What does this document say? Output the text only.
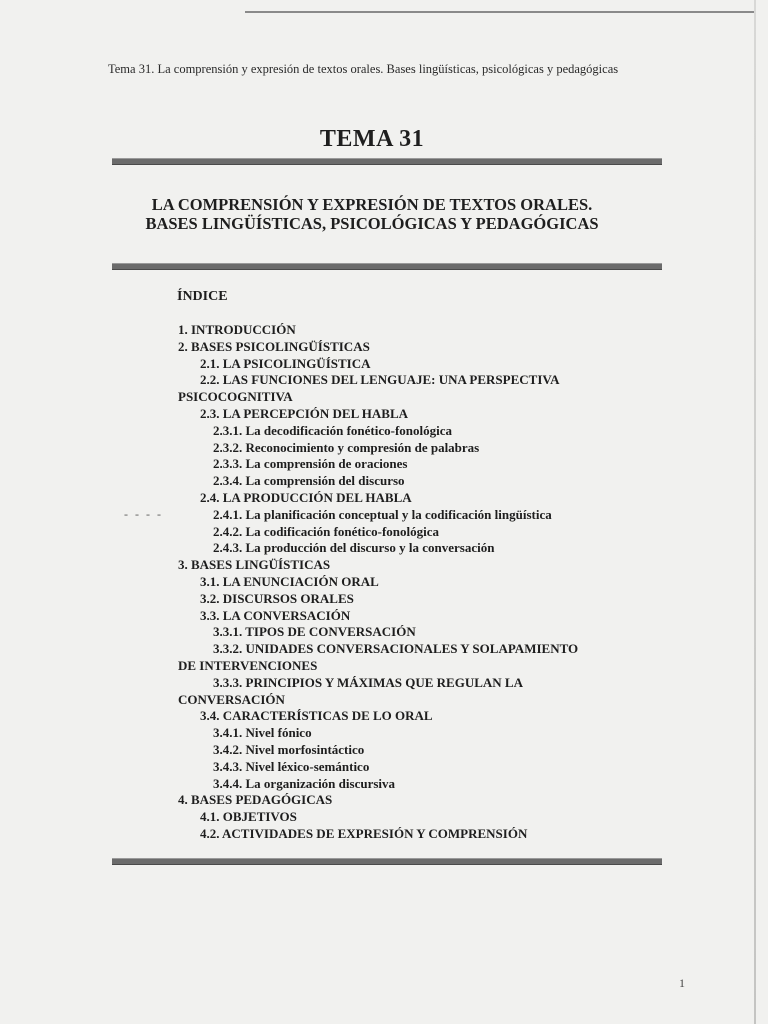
Tema 31. La comprensión y expresión de textos orales. Bases lingüísticas, psicológicas y pedagógicas
TEMA 31
LA COMPRENSIÓN Y EXPRESIÓN DE TEXTOS ORALES.
BASES LINGÜÍSTICAS, PSICOLÓGICAS Y PEDAGÓGICAS
ÍNDICE
- - - -
1. INTRODUCCIÓN
2. BASES PSICOLINGÜÍSTICAS
2.1. LA PSICOLINGÜÍSTICA
2.2. LAS FUNCIONES DEL LENGUAJE: UNA PERSPECTIVA
PSICOCOGNITIVA
2.3. LA PERCEPCIÓN DEL HABLA
2.3.1. La decodificación fonético-fonológica
2.3.2. Reconocimiento y compresión de palabras
2.3.3. La comprensión de oraciones
2.3.4. La comprensión del discurso
2.4. LA PRODUCCIÓN DEL HABLA
2.4.1. La planificación conceptual y la codificación lingüística
2.4.2. La codificación fonético-fonológica
2.4.3. La producción del discurso y la conversación
3. BASES LINGÜÍSTICAS
3.1. LA ENUNCIACIÓN ORAL
3.2. DISCURSOS ORALES
3.3. LA CONVERSACIÓN
3.3.1. TIPOS DE CONVERSACIÓN
3.3.2. UNIDADES CONVERSACIONALES Y SOLAPAMIENTO
DE INTERVENCIONES
3.3.3. PRINCIPIOS Y MÁXIMAS QUE REGULAN LA
CONVERSACIÓN
3.4. CARACTERÍSTICAS DE LO ORAL
3.4.1. Nivel fónico
3.4.2. Nivel morfosintáctico
3.4.3. Nivel léxico-semántico
3.4.4. La organización discursiva
4. BASES PEDAGÓGICAS
4.1. OBJETIVOS
4.2. ACTIVIDADES DE EXPRESIÓN Y COMPRENSIÓN
1
